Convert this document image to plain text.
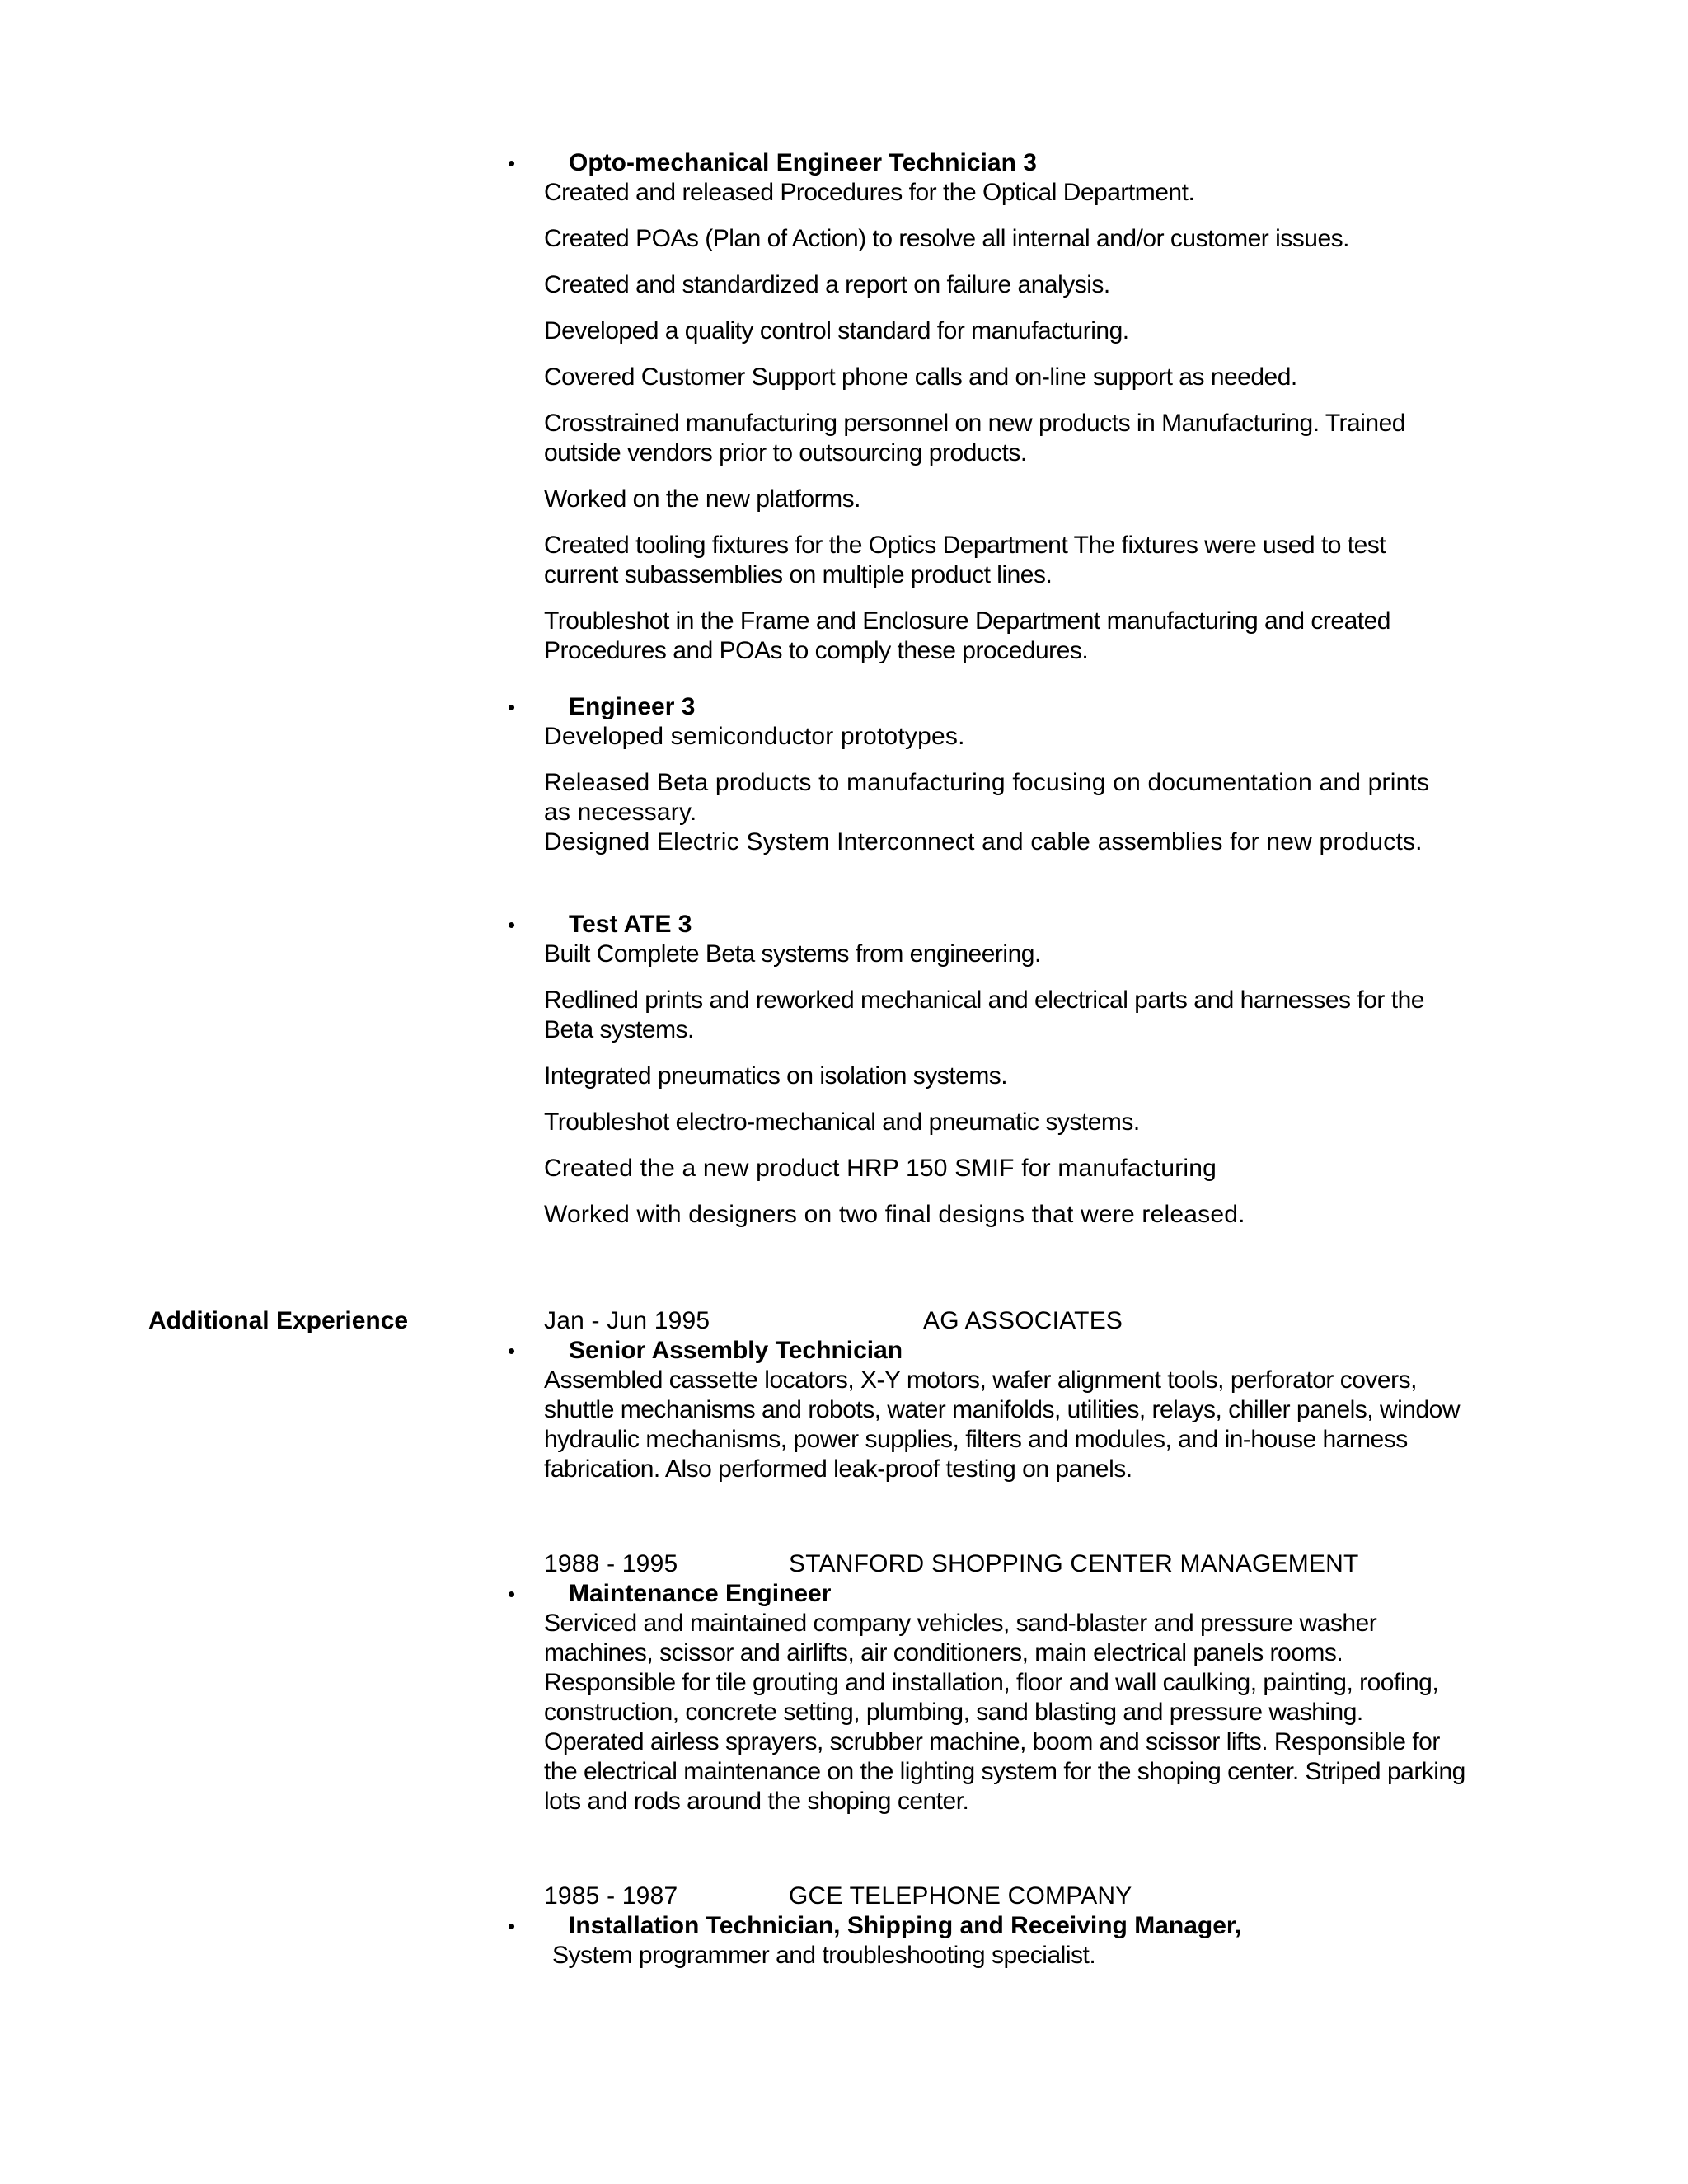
• Opto-mechanical Engineer Technician 3

Created and released Procedures for the Optical Department.

Created POAs (Plan of Action) to resolve all internal and/or customer issues.

Created and standardized a report on failure analysis.

Developed a quality control standard for manufacturing.

Covered Customer Support phone calls and on-line support as needed.

Crosstrained manufacturing personnel on new products in Manufacturing. Trained

outside vendors prior to outsourcing products.

Worked on the new platforms.

Created tooling fixtures for the Optics Department The fixtures were used to test

current subassemblies on multiple product lines.

Troubleshot in the Frame and Enclosure Department manufacturing and created

Procedures and POAs to comply these procedures.

• Engineer 3

Developed semiconductor prototypes.

Released Beta products to manufacturing focusing on documentation and prints

as necessary.

Designed Electric System Interconnect and cable assemblies for new products.

• Test ATE 3

Built Complete Beta systems from engineering.

Redlined prints and reworked mechanical and electrical parts and harnesses for the

Beta systems.

Integrated pneumatics on isolation systems.

Troubleshot electro-mechanical and pneumatic systems.

Created the a new product HRP 150 SMIF for manufacturing

Worked with designers on two final designs that were released.

Additional Experience	Jan - Jun 1995	AG ASSOCIATES
• Senior Assembly Technician

Assembled cassette locators, X-Y motors, wafer alignment tools, perforator covers,

shuttle mechanisms and robots, water manifolds, utilities, relays, chiller panels, window

hydraulic mechanisms, power supplies, filters and modules, and in-house harness

fabrication. Also performed leak-proof testing on panels.

1988 - 1995	STANFORD SHOPPING CENTER MANAGEMENT
• Maintenance Engineer

Serviced and maintained company vehicles, sand-blaster and pressure washer

machines, scissor and airlifts, air conditioners, main electrical panels rooms.

Responsible for tile grouting and installation, floor and wall caulking, painting, roofing,

construction, concrete setting, plumbing, sand blasting and pressure washing.

Operated airless sprayers, scrubber machine, boom and scissor lifts. Responsible for

the electrical maintenance on the lighting system for the shoping center. Striped parking

lots and rods around the shoping center.

1985 - 1987	GCE TELEPHONE COMPANY
• Installation Technician, Shipping and Receiving Manager,

System programmer and troubleshooting specialist.
